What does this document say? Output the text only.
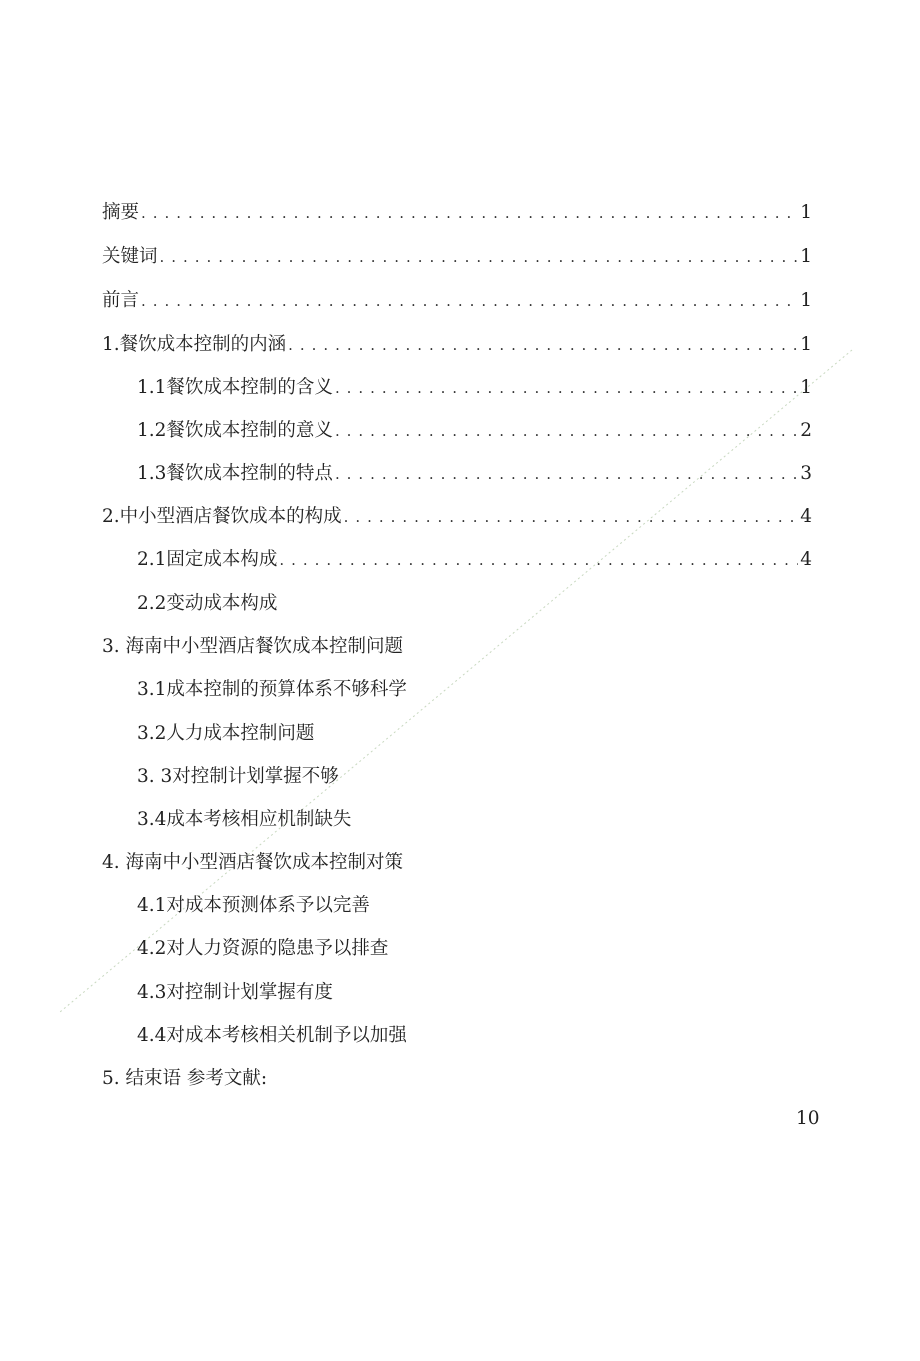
摘要 . . .	1
关键词 . . .	1
前言 . . .	1
1.餐饮成本控制的内涵 . . .	1
1.1餐饮成本控制的含义 . . .	1
1.2餐饮成本控制的意义 . . .	2
1.3餐饮成本控制的特点 . . .	3
2.中小型酒店餐饮成本的构成 . . .	4
2.1固定成本构成 . . .	4
2.2变动成本构成
3. 海南中小型酒店餐饮成本控制问题
3.1成本控制的预算体系不够科学
3.2人力成本控制问题
3. 3对控制计划掌握不够
3.4成本考核相应机制缺失
4. 海南中小型酒店餐饮成本控制对策
4.1对成本预测体系予以完善
4.2对人力资源的隐患予以排查
4.3对控制计划掌握有度
4.4对成本考核相关机制予以加强
5. 结束语 参考文献:
10
